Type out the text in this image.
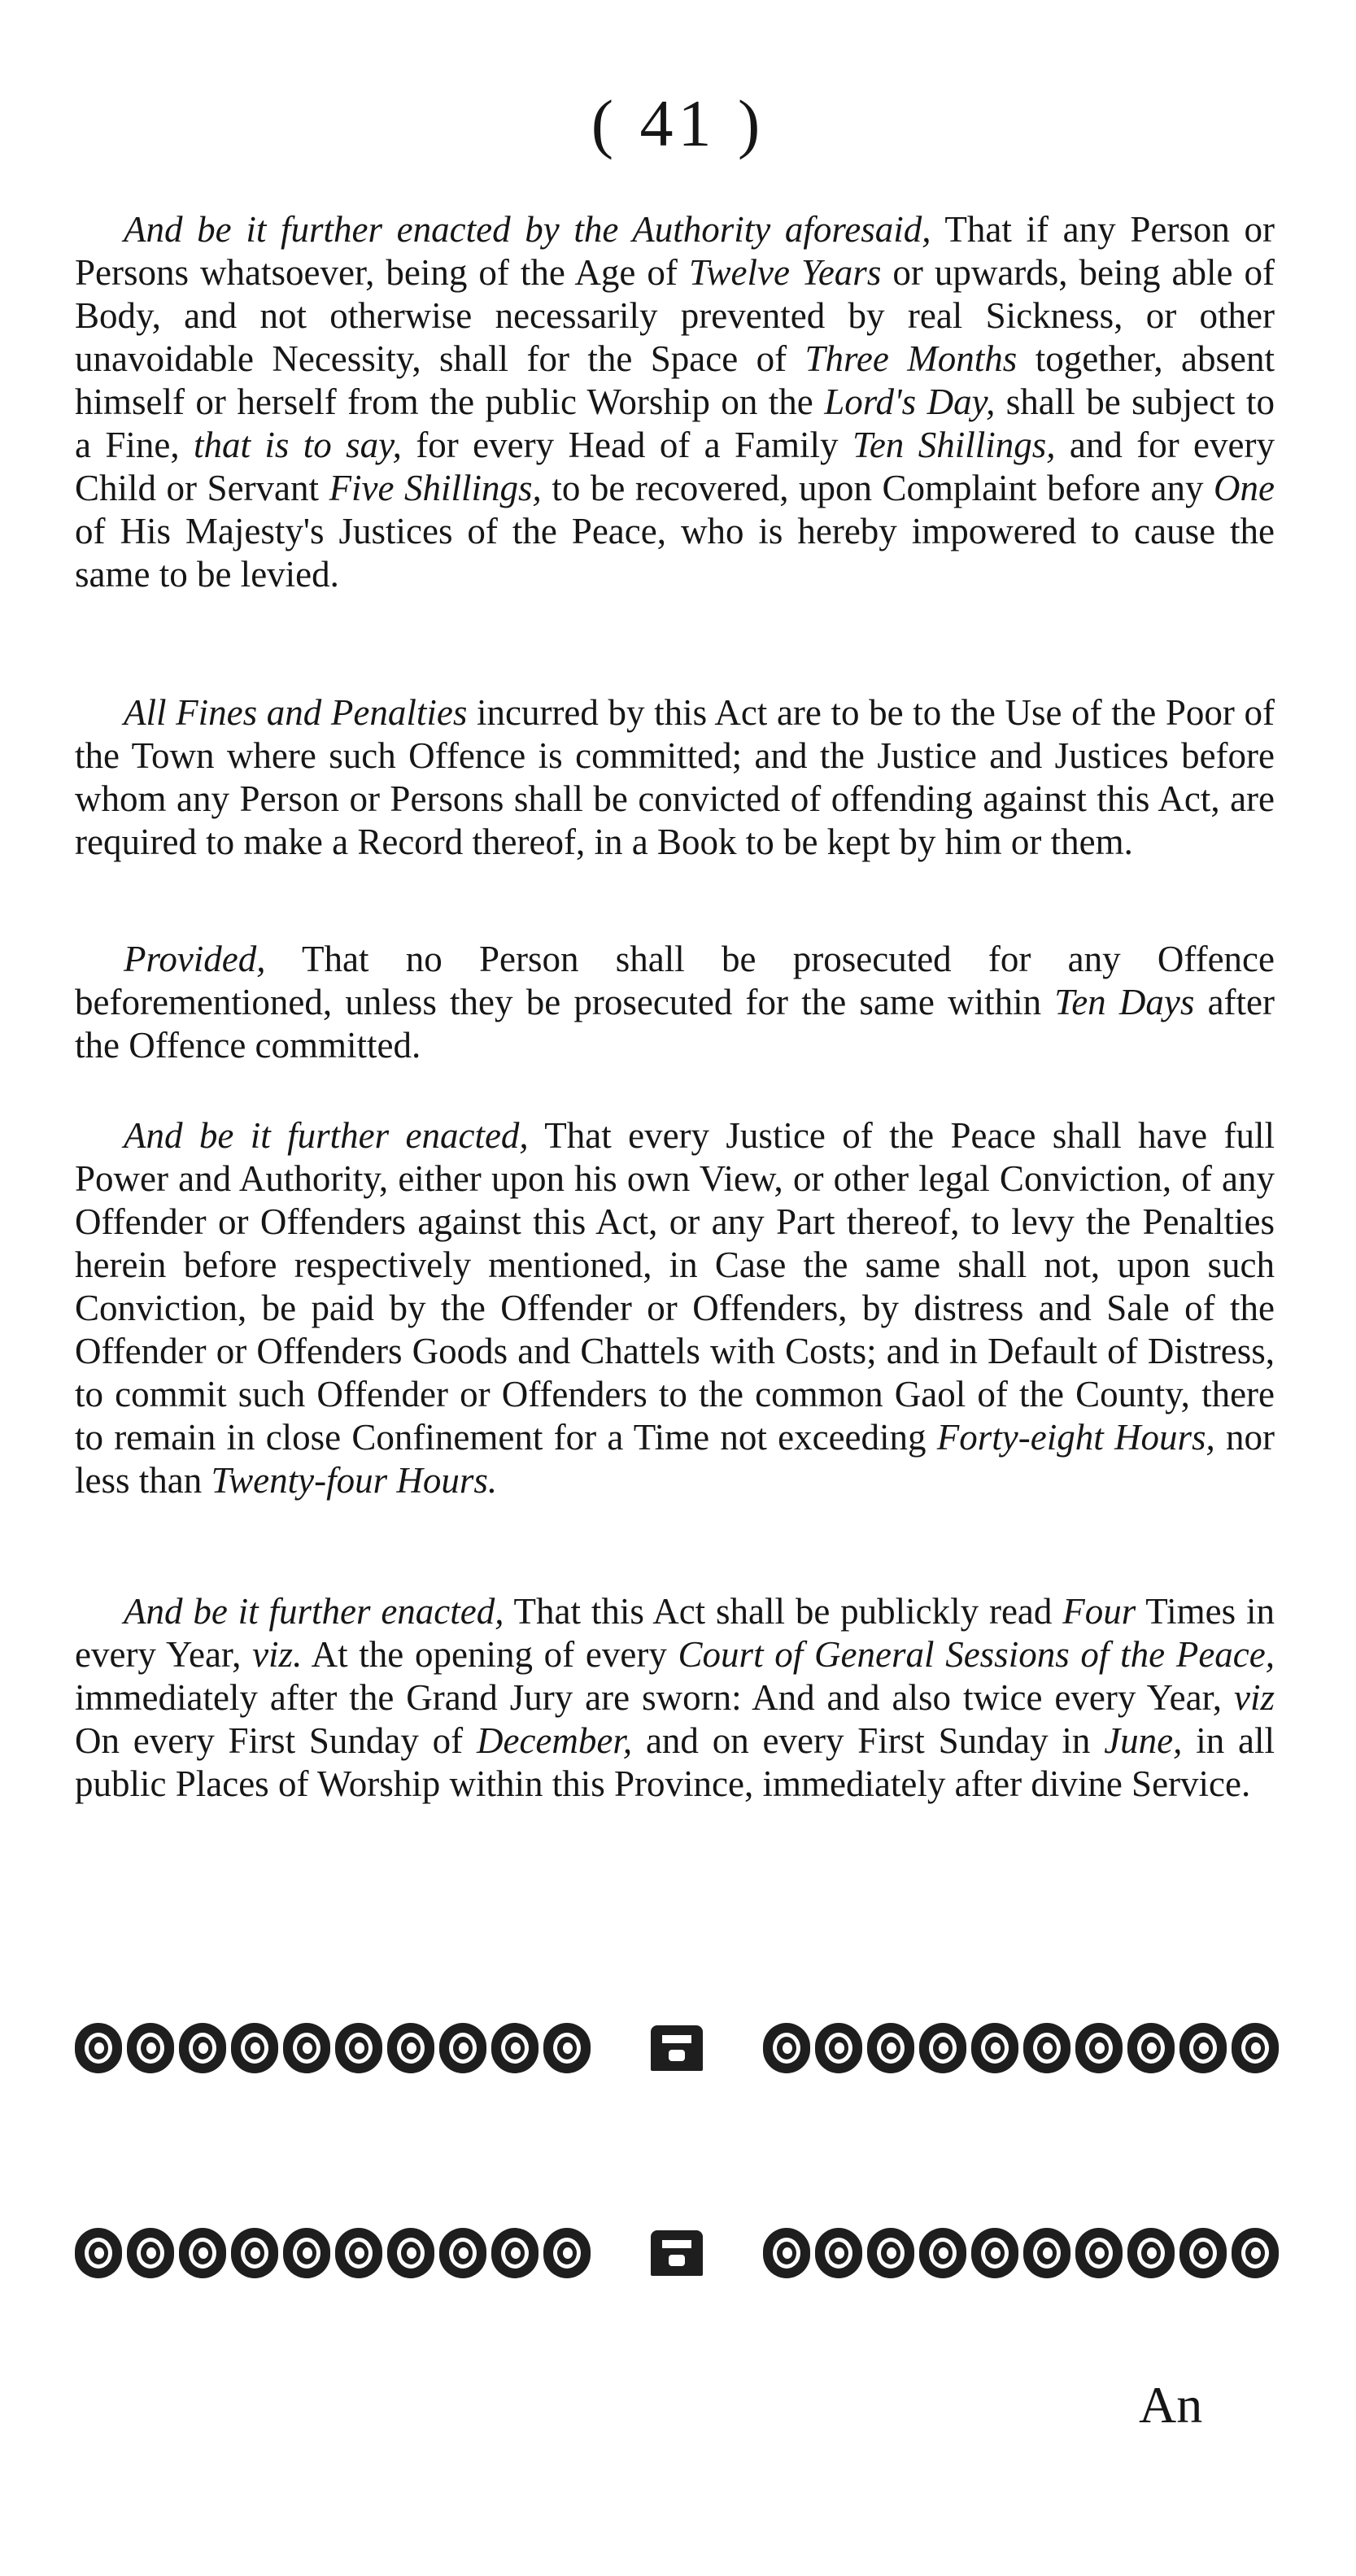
( 41 )

And be it further enacted by the Authority aforesaid, That if any Person or Persons whatsoever, being of the Age of Twelve Years or upwards, being able of Body, and not otherwise necessarily prevented by real Sickness, or other unavoidable Necessity, shall for the Space of Three Months together, absent himself or herself from the public Worship on the Lord's Day, shall be subject to a Fine, that is to say, for every Head of a Family Ten Shillings, and for every Child or Servant Five Shillings, to be recovered, upon Complaint before any One of His Majesty's Justices of the Peace, who is hereby impowered to cause the same to be levied.

All Fines and Penalties incurred by this Act are to be to the Use of the Poor of the Town where such Offence is committed; and the Justice and Justices before whom any Person or Persons shall be convicted of offending against this Act, are required to make a Record thereof, in a Book to be kept by him or them.

Provided, That no Person shall be prosecuted for any Offence beforementioned, unless they be prosecuted for the same within Ten Days after the Offence committed.

And be it further enacted, That every Justice of the Peace shall have full Power and Authority, either upon his own View, or other legal Conviction, of any Offender or Offenders against this Act, or any Part thereof, to levy the Penalties herein before respectively mentioned, in Case the same shall not, upon such Conviction, be paid by the Offender or Offenders, by distress and Sale of the Offender or Offenders Goods and Chattels with Costs; and in Default of Distress, to commit such Offender or Offenders to the common Gaol of the County, there to remain in close Confinement for a Time not exceeding Forty-eight Hours, nor less than Twenty-four Hours.

And be it further enacted, That this Act shall be publickly read Four Times in every Year, viz. At the opening of every Court of General Sessions of the Peace, immediately after the Grand Jury are sworn: And and also twice every Year, viz On every First Sunday of December, and on every First Sunday in June, in all public Places of Worship within this Province, immediately after divine Service.

An
